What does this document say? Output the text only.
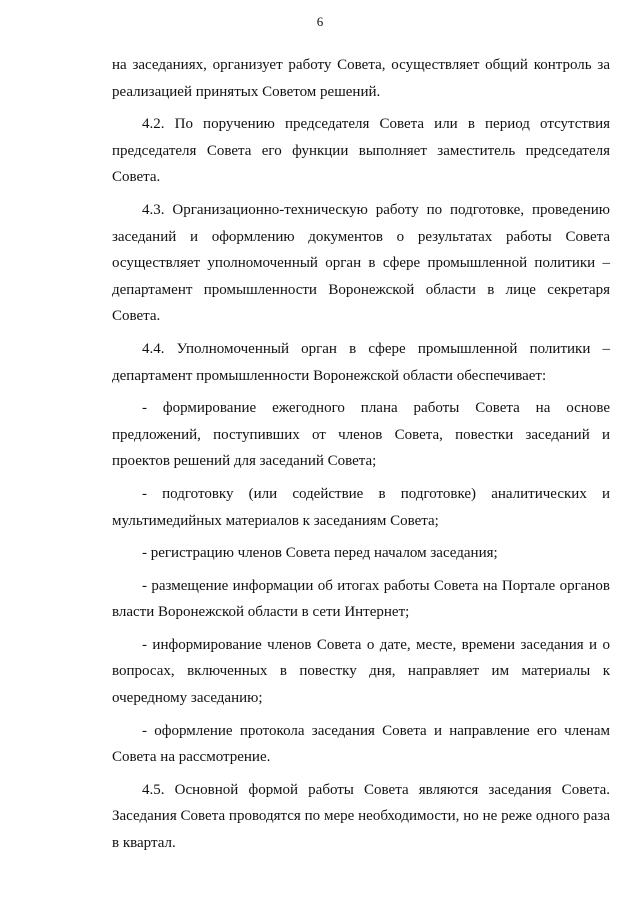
6

на заседаниях, организует работу Совета, осуществляет общий контроль за реализацией принятых Советом решений.

4.2. По поручению председателя Совета или в период отсутствия председателя Совета его функции выполняет заместитель председателя Совета.

4.3. Организационно-техническую работу по подготовке, проведению заседаний и оформлению документов о результатах работы Совета осуществляет уполномоченный орган в сфере промышленной политики – департамент промышленности Воронежской области в лице секретаря Совета.

4.4. Уполномоченный орган в сфере промышленной политики – департамент промышленности Воронежской области обеспечивает:

- формирование ежегодного плана работы Совета на основе предложений, поступивших от членов Совета, повестки заседаний и проектов решений для заседаний Совета;

- подготовку (или содействие в подготовке) аналитических и мультимедийных материалов к заседаниям Совета;

- регистрацию членов Совета перед началом заседания;

- размещение информации об итогах работы Совета на Портале органов власти Воронежской области в сети Интернет;

- информирование членов Совета о дате, месте, времени заседания и о вопросах, включенных в повестку дня, направляет им материалы к очередному заседанию;

- оформление протокола заседания Совета и направление его членам Совета на рассмотрение.

4.5. Основной формой работы Совета являются заседания Совета. Заседания Совета проводятся по мере необходимости, но не реже одного раза в квартал.
